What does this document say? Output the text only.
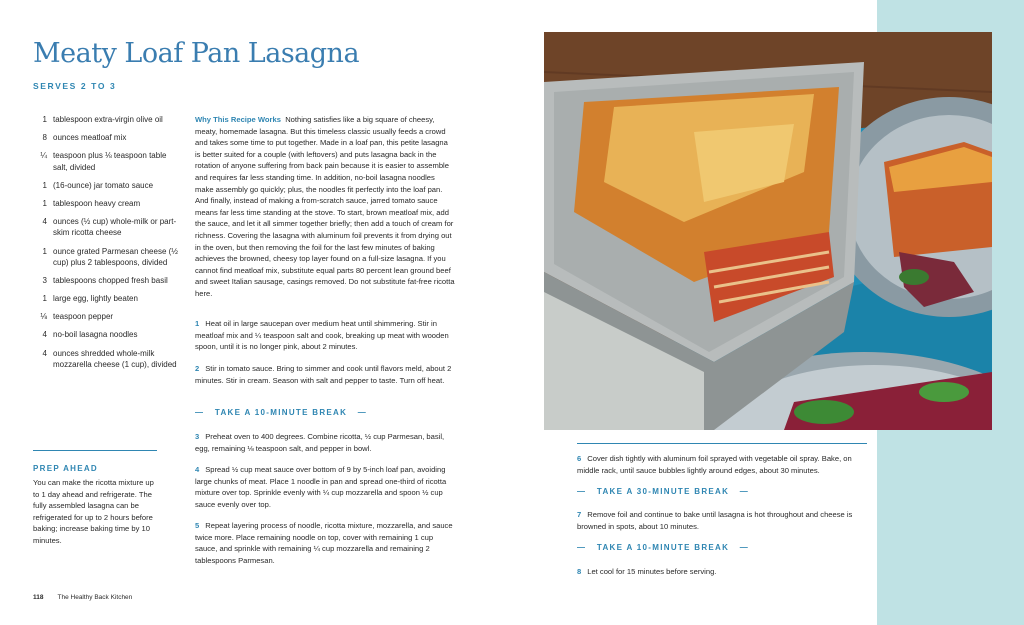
Meaty Loaf Pan Lasagna
SERVES 2 TO 3
1 tablespoon extra-virgin olive oil
8 ounces meatloaf mix
¼ teaspoon plus ⅛ teaspoon table salt, divided
1 (16-ounce) jar tomato sauce
1 tablespoon heavy cream
4 ounces (½ cup) whole-milk or part-skim ricotta cheese
1 ounce grated Parmesan cheese (½ cup) plus 2 tablespoons, divided
3 tablespoons chopped fresh basil
1 large egg, lightly beaten
⅛ teaspoon pepper
4 no-boil lasagna noodles
4 ounces shredded whole-milk mozzarella cheese (1 cup), divided
PREP AHEAD

You can make the ricotta mixture up to 1 day ahead and refrigerate. The fully assembled lasagna can be refrigerated for up to 2 hours before baking; increase baking time by 10 minutes.

Why This Recipe Works Nothing satisfies like a big square of cheesy, meaty, homemade lasagna. But this timeless classic usually feeds a crowd and takes some time to put together. Made in a loaf pan, this petite lasagna is better suited for a couple (with leftovers) and puts lasagna back in the rotation of anyone suffering from back pain because it is easier to assemble and requires far less standing time. In addition, no-boil lasagna noodles make assembly go quickly; plus, the noodles fit perfectly into the loaf pan. And finally, instead of making a from-scratch sauce, jarred tomato sauce means far less time standing at the stove. To start, brown meatloaf mix, add the sauce, and let it all simmer together briefly; then add a touch of cream for richness. Covering the lasagna with aluminum foil prevents it from drying out in the oven, but then removing the foil for the last few minutes of baking achieves the browned, cheesy top layer found on a full-size lasagna. If you cannot find meatloaf mix, substitute equal parts 80 percent lean ground beef and sweet Italian sausage, casings removed. Do not substitute fat-free ricotta here.

1 Heat oil in large saucepan over medium heat until shimmering. Stir in meatloaf mix and ¼ teaspoon salt and cook, breaking up meat with wooden spoon, until it is no longer pink, about 2 minutes.

2 Stir in tomato sauce. Bring to simmer and cook until flavors meld, about 2 minutes. Stir in cream. Season with salt and pepper to taste. Turn off heat.

— TAKE A 10-MINUTE BREAK —

3 Preheat oven to 400 degrees. Combine ricotta, ½ cup Parmesan, basil, egg, remaining ⅛ teaspoon salt, and pepper in bowl.

4 Spread ½ cup meat sauce over bottom of 9 by 5-inch loaf pan, avoiding large chunks of meat. Place 1 noodle in pan and spread one-third of ricotta mixture over top. Sprinkle evenly with ¼ cup mozzarella and spoon ½ cup sauce evenly over top.

5 Repeat layering process of noodle, ricotta mixture, mozzarella, and sauce twice more. Place remaining noodle on top, cover with remaining 1 cup sauce, and sprinkle with remaining ¼ cup mozzarella and remaining 2 tablespoons Parmesan.

6 Cover dish tightly with aluminum foil sprayed with vegetable oil spray. Bake, on middle rack, until sauce bubbles lightly around edges, about 30 minutes.

— TAKE A 30-MINUTE BREAK —

7 Remove foil and continue to bake until lasagna is hot throughout and cheese is browned in spots, about 10 minutes.

— TAKE A 10-MINUTE BREAK —

8 Let cool for 15 minutes before serving.

118 The Healthy Back Kitchen
